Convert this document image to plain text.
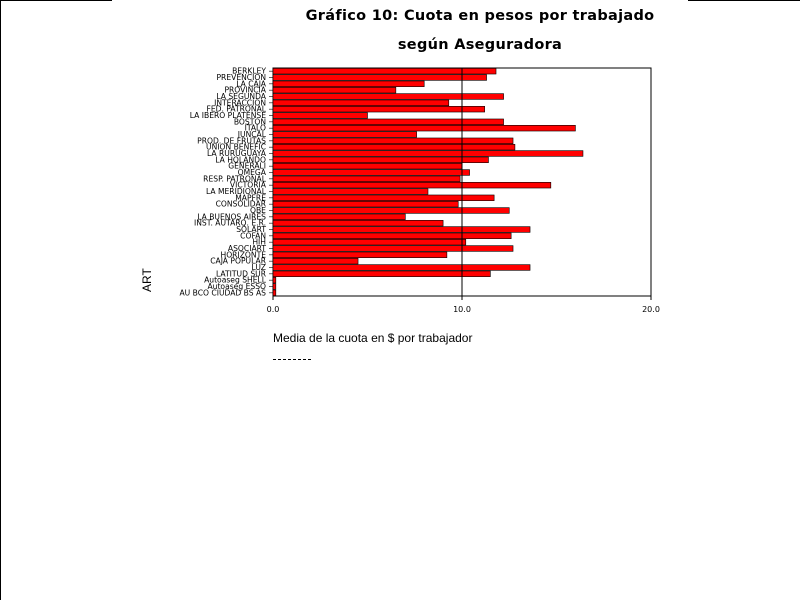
Gráfico 10: Cuota en pesos por trabajado
según Aseguradora
BERKLEY
PREVENCION
LA CAJA
PROVINCIA
LA SEGUNDA
INTERACCION
FED. PATRONAL
LA IBERO PLATENSE
BOSTON
ITALO
JUNCAL
PROD. DE FRUTAS
UNION BENEFIC
LA RURUGUAYA
LA HOLANDO
GENERALI
OMEGA
RESP. PATRONAL
VICTORIA
LA MERIDIONAL
MAPFRE
CONSOLIDAR
QBE
LA BUENOS AIRES
INST. AUTARQ. E.R.
SOLART
COFAN
HIH
ASOCIART
HORIZONTE
CAJA POPULAR
LUZ
LATITUD SUR
Autoaseg SHELL
Autoaseg ESSO
AU BCO CIUDAD BS AS
0.0	10.0	20.0
Media de la cuota en $ por trabajador
ART
